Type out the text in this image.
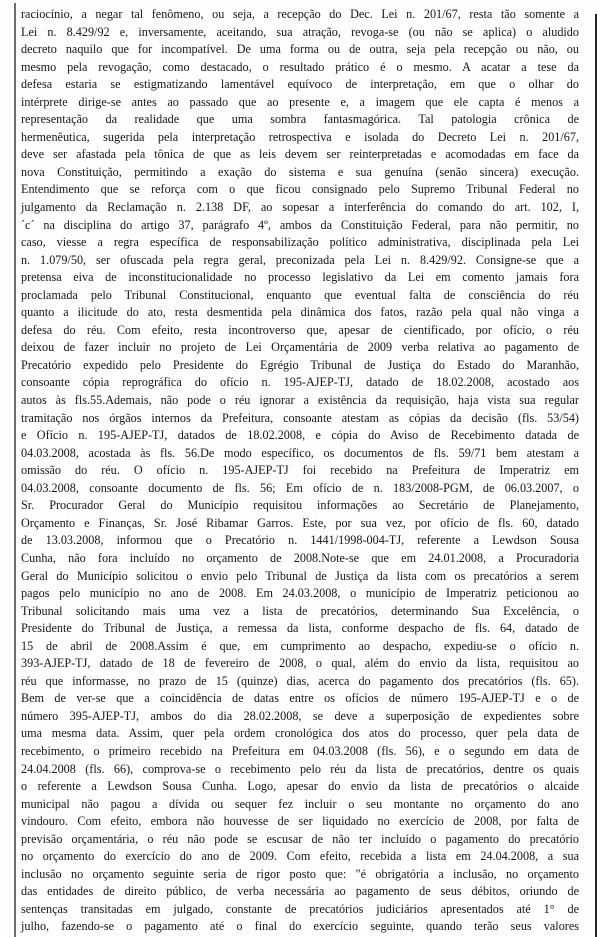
raciocínio, a negar tal fenômeno, ou seja, a recepção do Dec. Lei n. 201/67, resta tão somente a
Lei n. 8.429/92 e, inversamente, aceitando, sua atração, revoga-se (ou não se aplica) o aludido
decreto naquilo que for incompatível. De uma forma ou de outra, seja pela recepção ou não, ou
mesmo pela revogação, como destacado, o resultado prático é o mesmo. A acatar a tese da
defesa estaria se estigmatizando lamentável equívoco de interpretação, em que o olhar do
intérprete dirige-se antes ao passado que ao presente e, a imagem que ele capta é menos a
representação da realidade que uma sombra fantasmagórica. Tal patologia crônica de
hermenêutica, sugerida pela interpretação retrospectiva e isolada do Decreto Lei n. 201/67,
deve ser afastada pela tônica de que as leis devem ser reinterpretadas e acomodadas em face da
nova Constituição, permitindo a exação do sistema e sua genuína (senão sincera) execução.
Entendimento que se reforça com o que ficou consignado pelo Supremo Tribunal Federal no
julgamento da Reclamação n. 2.138 DF, ao sopesar a interferência do comando do art. 102, I,
´c´ na disciplina do artigo 37, parágrafo 4º, ambos da Constituição Federal, para não permitir, no
caso, viesse a regra específica de responsabilização político administrativa, disciplinada pela Lei
n. 1.079/50, ser ofuscada pela regra geral, preconizada pela Lei n. 8.429/92. Consigne-se que a
pretensa eiva de inconstitucionalidade no processo legislativo da Lei em comento jamais fora
proclamada pelo Tribunal Constitucional, enquanto que eventual falta de consciência do réu
quanto a ilicitude do ato, resta desmentida pela dinâmica dos fatos, razão pela qual não vinga a
defesa do réu. Com efeito, resta incontroverso que, apesar de cientificado, por ofício, o réu
deixou de fazer incluir no projeto de Lei Orçamentária de 2009 verba relativa ao pagamento de
Precatório expedido pelo Presidente do Egrégio Tribunal de Justiça do Estado do Maranhão,
consoante cópia reprográfica do ofício n. 195-AJEP-TJ, datado de 18.02.2008, acostado aos
autos às fls.55.Ademais, não pode o réu ignorar a existência da requisição, haja vista sua regular
tramitação nos órgãos internos da Prefeitura, consoante atestam as cópias da decisão (fls. 53/54)
e Ofício n. 195-AJEP-TJ, datados de 18.02.2008, e cópia do Aviso de Recebimento datada de
04.03.2008, acostada às fls. 56.De modo específico, os documentos de fls. 59/71 bem atestam a
omissão do réu. O ofício n. 195-AJEP-TJ foi recebido na Prefeitura de Imperatriz em
04.03.2008, consoante documento de fls. 56; Em ofício de n. 183/2008-PGM, de 06.03.2007, o
Sr. Procurador Geral do Município requisitou informações ao Secretário de Planejamento,
Orçamento e Finanças, Sr. José Ribamar Garros. Este, por sua vez, por ofício de fls. 60, datado
de 13.03.2008, informou que o Precatório n. 1441/1998-004-TJ, referente a Lewdson Sousa
Cunha, não fora incluído no orçamento de 2008.Note-se que em 24.01.2008, a Procuradoria
Geral do Município solicitou o envio pelo Tribunal de Justiça da lista com os precatórios a serem
pagos pelo município no ano de 2008. Em 24.03.2008, o município de Imperatriz peticionou ao
Tribunal solicitando mais uma vez a lista de precatórios, determinando Sua Excelência, o
Presidente do Tribunal de Justiça, a remessa da lista, conforme despacho de fls. 64, datado de
15 de abril de 2008.Assim é que, em cumprimento ao despacho, expediu-se o ofício n.
393-AJEP-TJ, datado de 18 de fevereiro de 2008, o qual, além do envio da lista, requisitou ao
réu que informasse, no prazo de 15 (quinze) dias, acerca do pagamento dos precatórios (fls. 65).
Bem de ver-se que a coincidência de datas entre os ofícios de número 195-AJEP-TJ e o de
número 395-AJEP-TJ, ambos do dia 28.02.2008, se deve a superposição de expedientes sobre
uma mesma data. Assim, quer pela ordem cronológica dos atos do processo, quer pela data de
recebimento, o primeiro recebido na Prefeitura em 04.03.2008 (fls. 56), e o segundo em data de
24.04.2008 (fls. 66), comprova-se o recebimento pelo réu da lista de precatórios, dentre os quais
o referente a Lewdson Sousa Cunha. Logo, apesar do envio da lista de precatórios o alcaide
municipal não pagou a dívida ou sequer fez incluir o seu montante no orçamento do ano
vindouro. Com efeito, embora não houvesse de ser liquidado no exercício de 2008, por falta de
previsão orçamentária, o réu não pode se escusar de não ter incluído o pagamento do precatório
no orçamento do exercício do ano de 2009. Com efeito, recebida a lista em 24.04.2008, a sua
inclusão no orçamento seguinte seria de rigor posto que: "é obrigatória a inclusão, no orçamento
das entidades de direito público, de verba necessária ao pagamento de seus débitos, oriundo de
sentenças transitadas em julgado, constante de precatórios judiciários apresentados até 1° de
julho, fazendo-se o pagamento até o final do exercício seguinte, quando terão seus valores
